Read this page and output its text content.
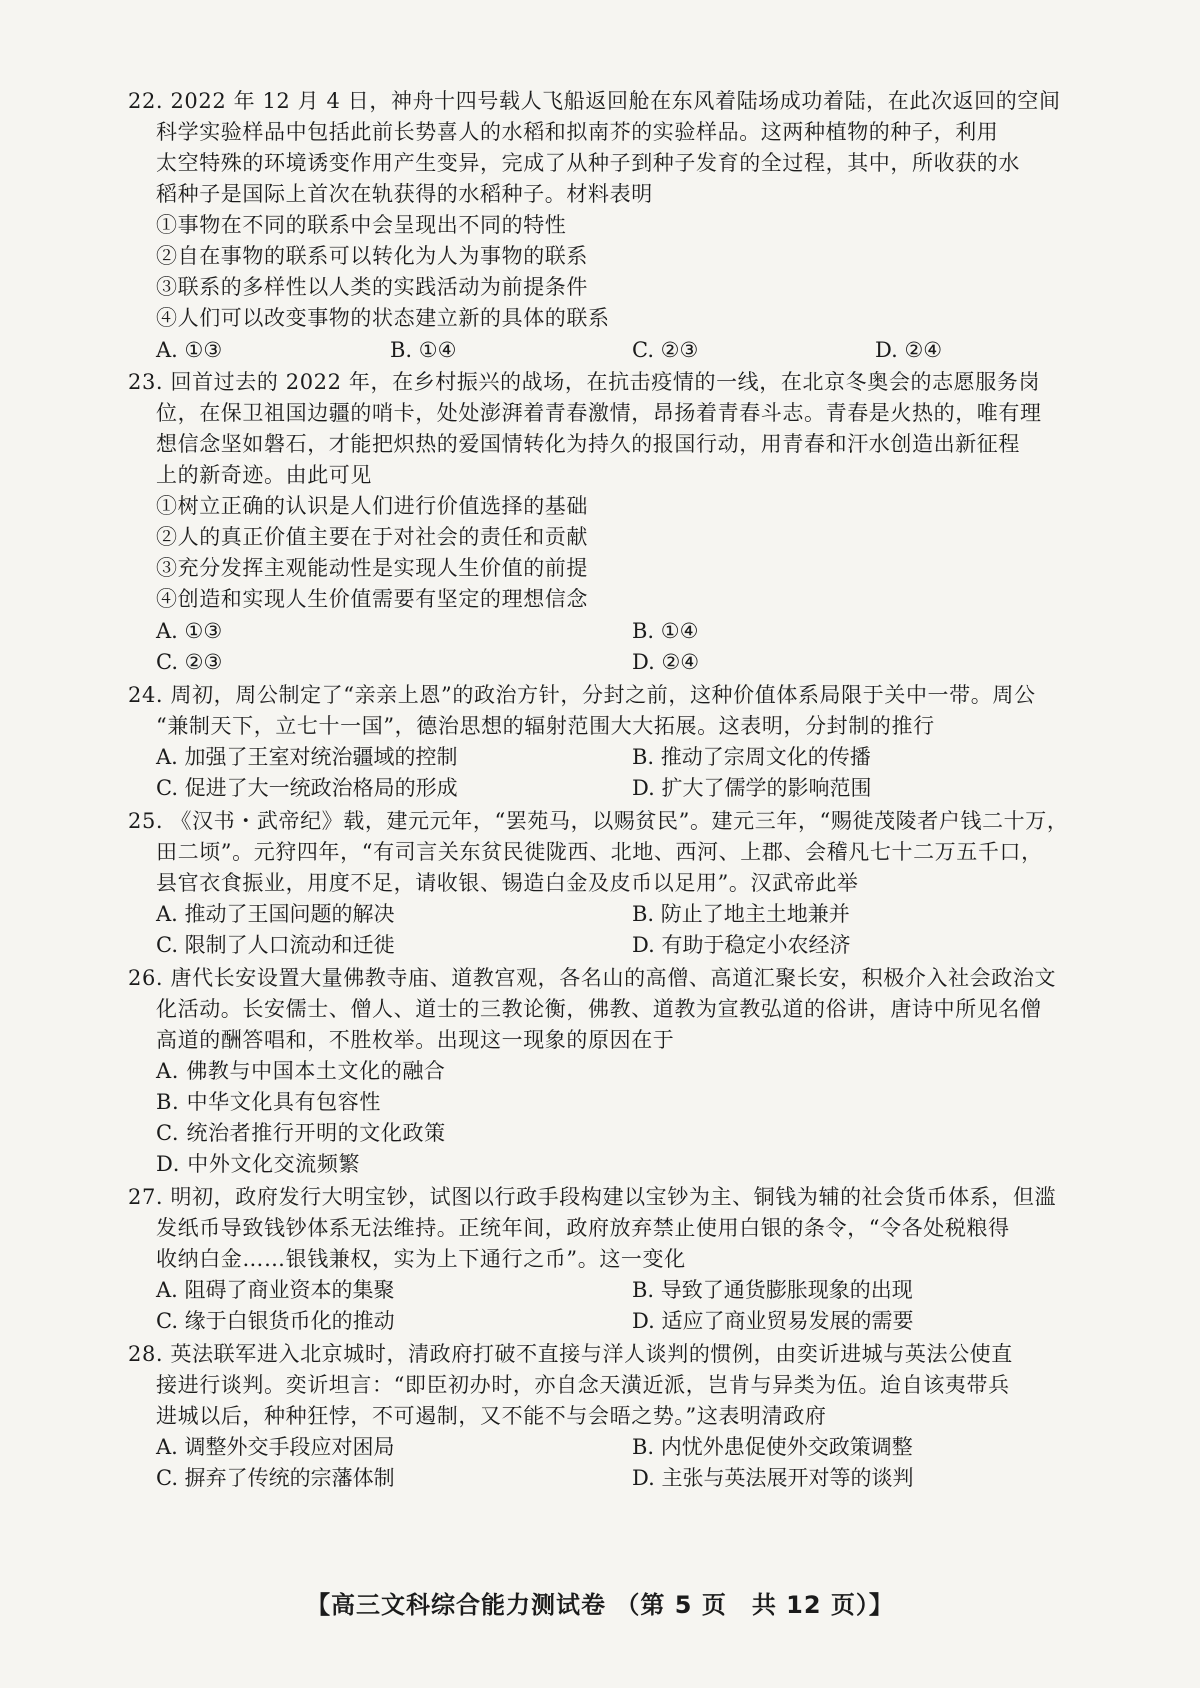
22. 2022 年 12 月 4 日，神舟十四号载人飞船返回舱在东风着陆场成功着陆，在此次返回的空间
科学实验样品中包括此前长势喜人的水稻和拟南芥的实验样品。这两种植物的种子，利用
太空特殊的环境诱变作用产生变异，完成了从种子到种子发育的全过程，其中，所收获的水
稻种子是国际上首次在轨获得的水稻种子。材料表明
①事物在不同的联系中会呈现出不同的特性
②自在事物的联系可以转化为人为事物的联系
③联系的多样性以人类的实践活动为前提条件
④人们可以改变事物的状态建立新的具体的联系
A. ①③	B. ①④	C. ②③	D. ②④
23. 回首过去的 2022 年，在乡村振兴的战场，在抗击疫情的一线，在北京冬奥会的志愿服务岗
位，在保卫祖国边疆的哨卡，处处澎湃着青春激情，昂扬着青春斗志。青春是火热的，唯有理
想信念坚如磐石，才能把炽热的爱国情转化为持久的报国行动，用青春和汗水创造出新征程
上的新奇迹。由此可见
①树立正确的认识是人们进行价值选择的基础
②人的真正价值主要在于对社会的责任和贡献
③充分发挥主观能动性是实现人生价值的前提
④创造和实现人生价值需要有坚定的理想信念
A. ①③	B. ①④
C. ②③	D. ②④
24. 周初，周公制定了“亲亲上恩”的政治方针，分封之前，这种价值体系局限于关中一带。周公
“兼制天下，立七十一国”，德治思想的辐射范围大大拓展。这表明，分封制的推行
A. 加强了王室对统治疆域的控制	B. 推动了宗周文化的传播
C. 促进了大一统政治格局的形成	D. 扩大了儒学的影响范围
25. 《汉书・武帝纪》载，建元元年，“罢苑马，以赐贫民”。建元三年，“赐徙茂陵者户钱二十万，
田二顷”。元狩四年，“有司言关东贫民徙陇西、北地、西河、上郡、会稽凡七十二万五千口，
县官衣食振业，用度不足，请收银、锡造白金及皮币以足用”。汉武帝此举
A. 推动了王国问题的解决	B. 防止了地主土地兼并
C. 限制了人口流动和迁徙	D. 有助于稳定小农经济
26. 唐代长安设置大量佛教寺庙、道教宫观，各名山的高僧、高道汇聚长安，积极介入社会政治文
化活动。长安儒士、僧人、道士的三教论衡，佛教、道教为宣教弘道的俗讲，唐诗中所见名僧
高道的酬答唱和，不胜枚举。出现这一现象的原因在于
A. 佛教与中国本土文化的融合
B. 中华文化具有包容性
C. 统治者推行开明的文化政策
D. 中外文化交流频繁
27. 明初，政府发行大明宝钞，试图以行政手段构建以宝钞为主、铜钱为辅的社会货币体系，但滥
发纸币导致钱钞体系无法维持。正统年间，政府放弃禁止使用白银的条令，“令各处税粮得
收纳白金……银钱兼权，实为上下通行之币”。这一变化
A. 阻碍了商业资本的集聚	B. 导致了通货膨胀现象的出现
C. 缘于白银货币化的推动	D. 适应了商业贸易发展的需要
28. 英法联军进入北京城时，清政府打破不直接与洋人谈判的惯例，由奕䜣进城与英法公使直
接进行谈判。奕䜣坦言：“即臣初办时，亦自念天潢近派，岂肯与异类为伍。迨自该夷带兵
进城以后，种种狂悖，不可遏制，又不能不与会晤之势。”这表明清政府
A. 调整外交手段应对困局	B. 内忧外患促使外交政策调整
C. 摒弃了传统的宗藩体制	D. 主张与英法展开对等的谈判
【高三文科综合能力测试卷 （第 5 页　共 12 页）】
